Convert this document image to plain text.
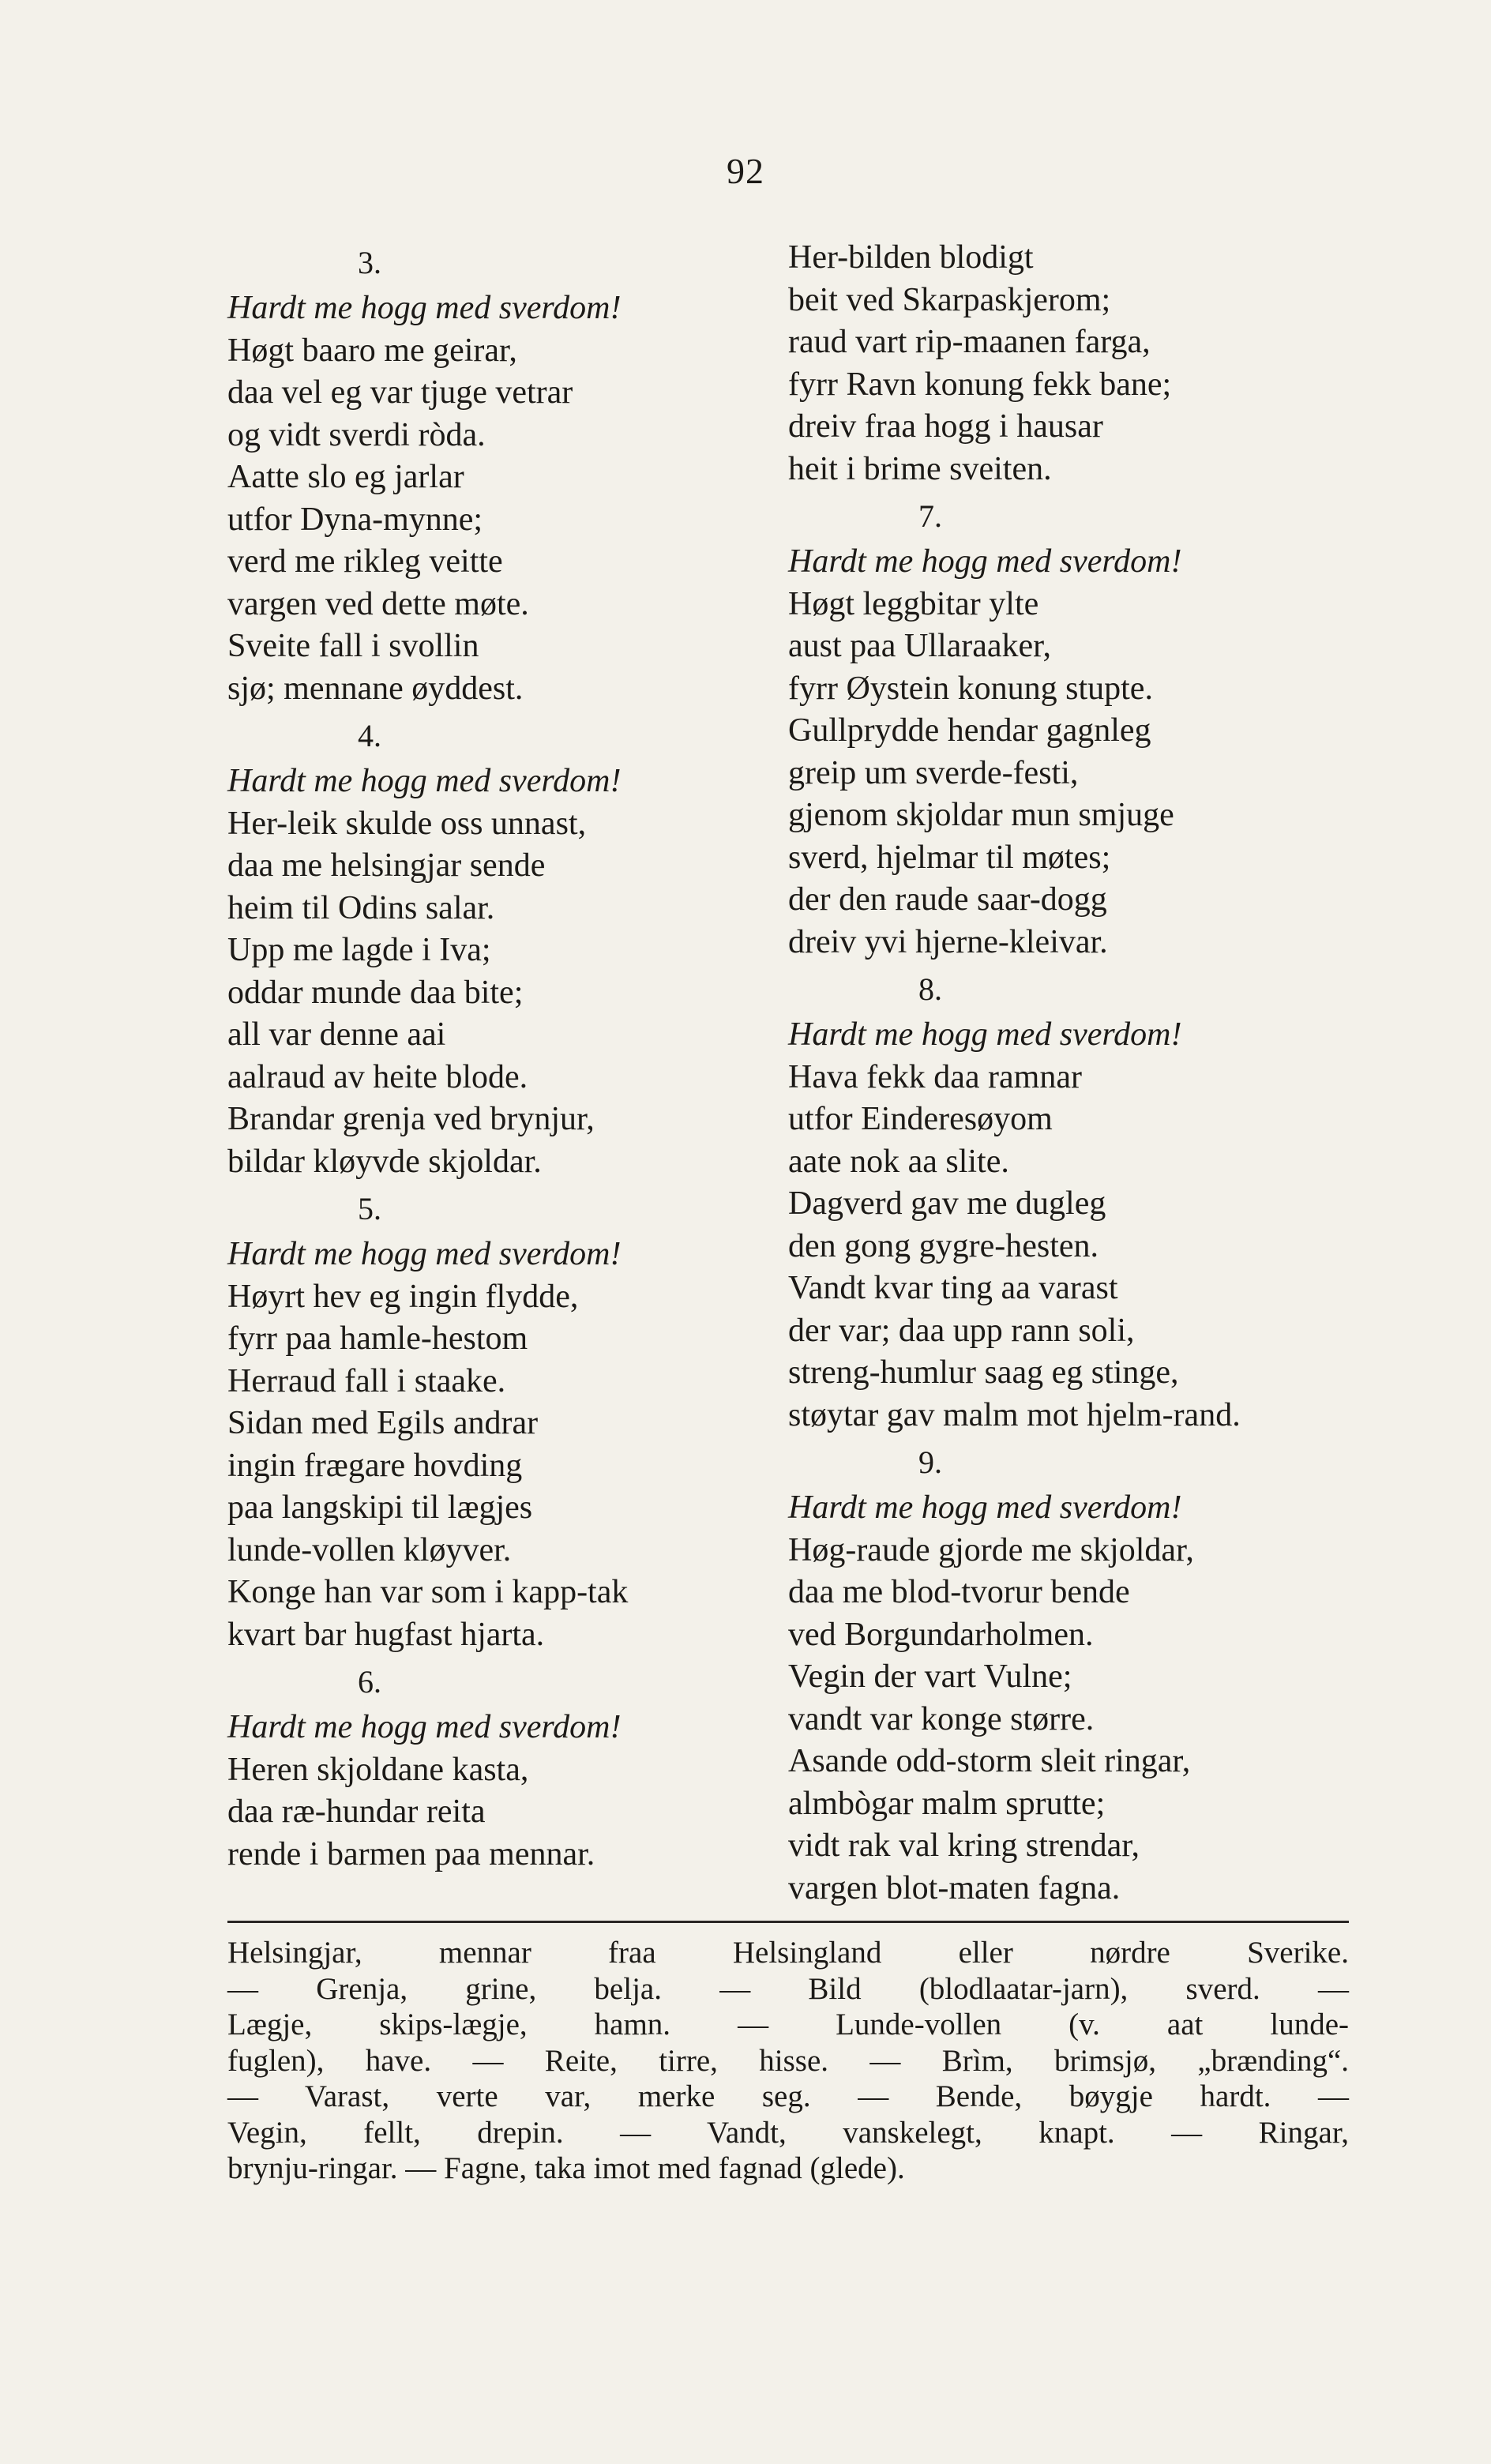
92
3.
Hardt me hogg med sverdom!
Høgt baaro me geirar,
daa vel eg var tjuge vetrar
og vidt sverdi ròda.
Aatte slo eg jarlar
utfor Dyna-mynne;
verd me rikleg veitte
vargen ved dette møte.
Sveite fall i svollin
sjø; mennane øyddest.
4.
Hardt me hogg med sverdom!
Her-leik skulde oss unnast,
daa me helsingjar sende
heim til Odins salar.
Upp me lagde i Iva;
oddar munde daa bite;
all var denne aai
aalraud av heite blode.
Brandar grenja ved brynjur,
bildar kløyvde skjoldar.
5.
Hardt me hogg med sverdom!
Høyrt hev eg ingin flydde,
fyrr paa hamle-hestom
Herraud fall i staake.
Sidan med Egils andrar
ingin frægare hovding
paa langskipi til lægjes
lunde-vollen kløyver.
Konge han var som i kapp-tak
kvart bar hugfast hjarta.
6.
Hardt me hogg med sverdom!
Heren skjoldane kasta,
daa ræ-hundar reita
rende i barmen paa mennar.
Her-bilden blodigt
beit ved Skarpaskjerom;
raud vart rip-maanen farga,
fyrr Ravn konung fekk bane;
dreiv fraa hogg i hausar
heit i brime sveiten.
7.
Hardt me hogg med sverdom!
Høgt leggbitar ylte
aust paa Ullaraaker,
fyrr Øystein konung stupte.
Gullprydde hendar gagnleg
greip um sverde-festi,
gjenom skjoldar mun smjuge
sverd, hjelmar til møtes;
der den raude saar-dogg
dreiv yvi hjerne-kleivar.
8.
Hardt me hogg med sverdom!
Hava fekk daa ramnar
utfor Einderesøyom
aate nok aa slite.
Dagverd gav me dugleg
den gong gygre-hesten.
Vandt kvar ting aa varast
der var; daa upp rann soli,
streng-humlur saag eg stinge,
støytar gav malm mot hjelm-rand.
9.
Hardt me hogg med sverdom!
Høg-raude gjorde me skjoldar,
daa me blod-tvorur bende
ved Borgundarholmen.
Vegin der vart Vulne;
vandt var konge større.
Asande odd-storm sleit ringar,
almbògar malm sprutte;
vidt rak val kring strendar,
vargen blot-maten fagna.
Helsingjar, mennar fraa Helsingland eller nørdre Sverike.
— Grenja, grine, belja. — Bild (blodlaatar-jarn), sverd. —
Lægje, skips-lægje, hamn. — Lunde-vollen (v. aat lunde-
fuglen), have. — Reite, tirre, hisse. — Brìm, brimsjø, „brænding“.
— Varast, verte var, merke seg. — Bende, bøygje hardt. —
Vegin, fellt, drepin. — Vandt, vanskelegt, knapt. — Ringar,
brynju-ringar. — Fagne, taka imot med fagnad (glede).
